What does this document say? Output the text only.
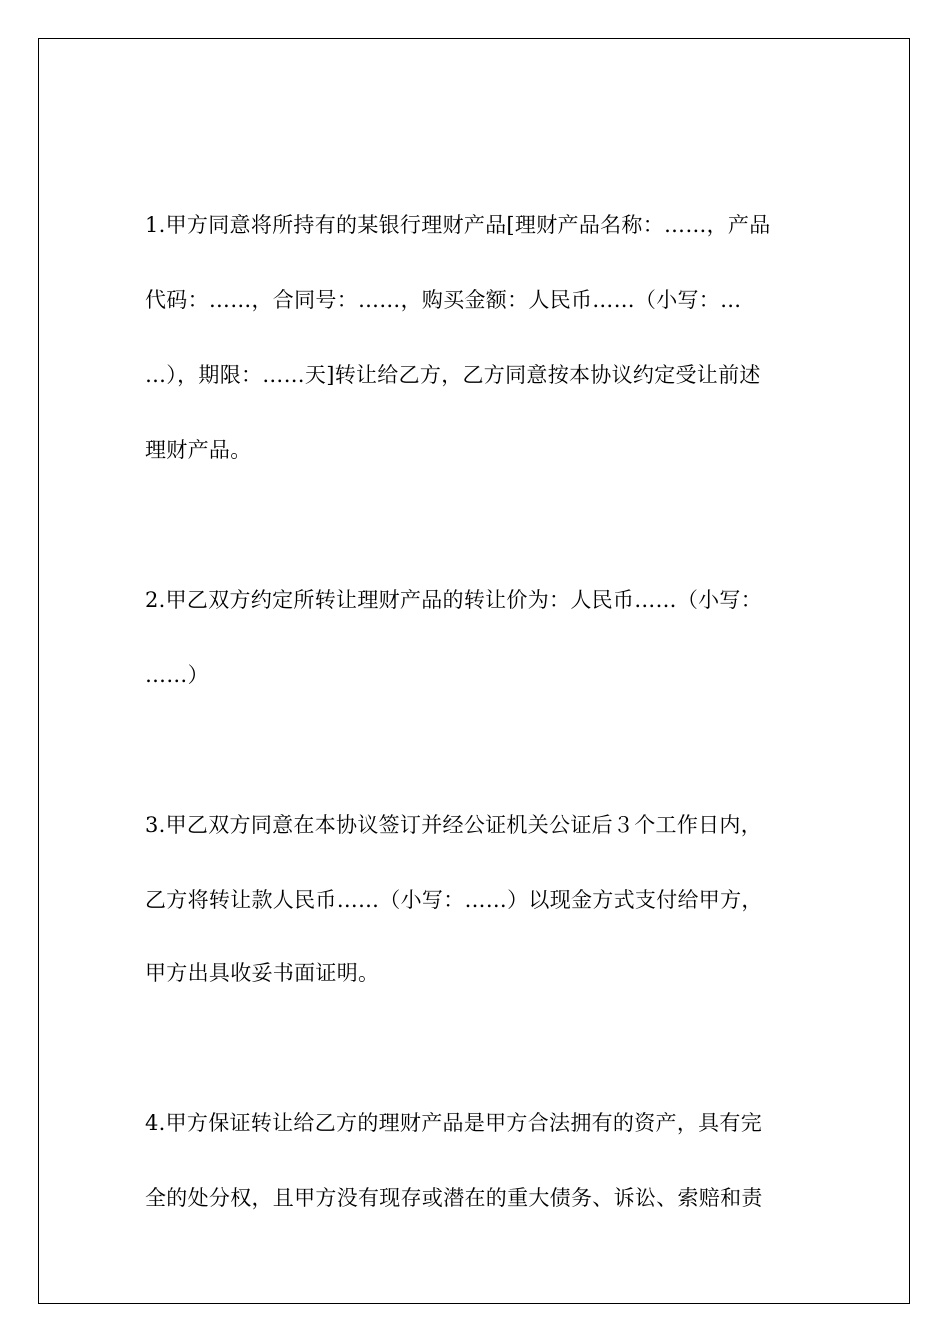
1.甲方同意将所持有的某银行理财产品[理财产品名称：……，产品
代码：……，合同号：……，购买金额：人民币……（小写：…
…），期限：……天]转让给乙方，乙方同意按本协议约定受让前述
理财产品。
2.甲乙双方约定所转让理财产品的转让价为：人民币……（小写：
……）
3.甲乙双方同意在本协议签订并经公证机关公证后３个工作日内，
乙方将转让款人民币……（小写：……）以现金方式支付给甲方，
甲方出具收妥书面证明。
4.甲方保证转让给乙方的理财产品是甲方合法拥有的资产，具有完
全的处分权，且甲方没有现存或潜在的重大债务、诉讼、索赔和责
